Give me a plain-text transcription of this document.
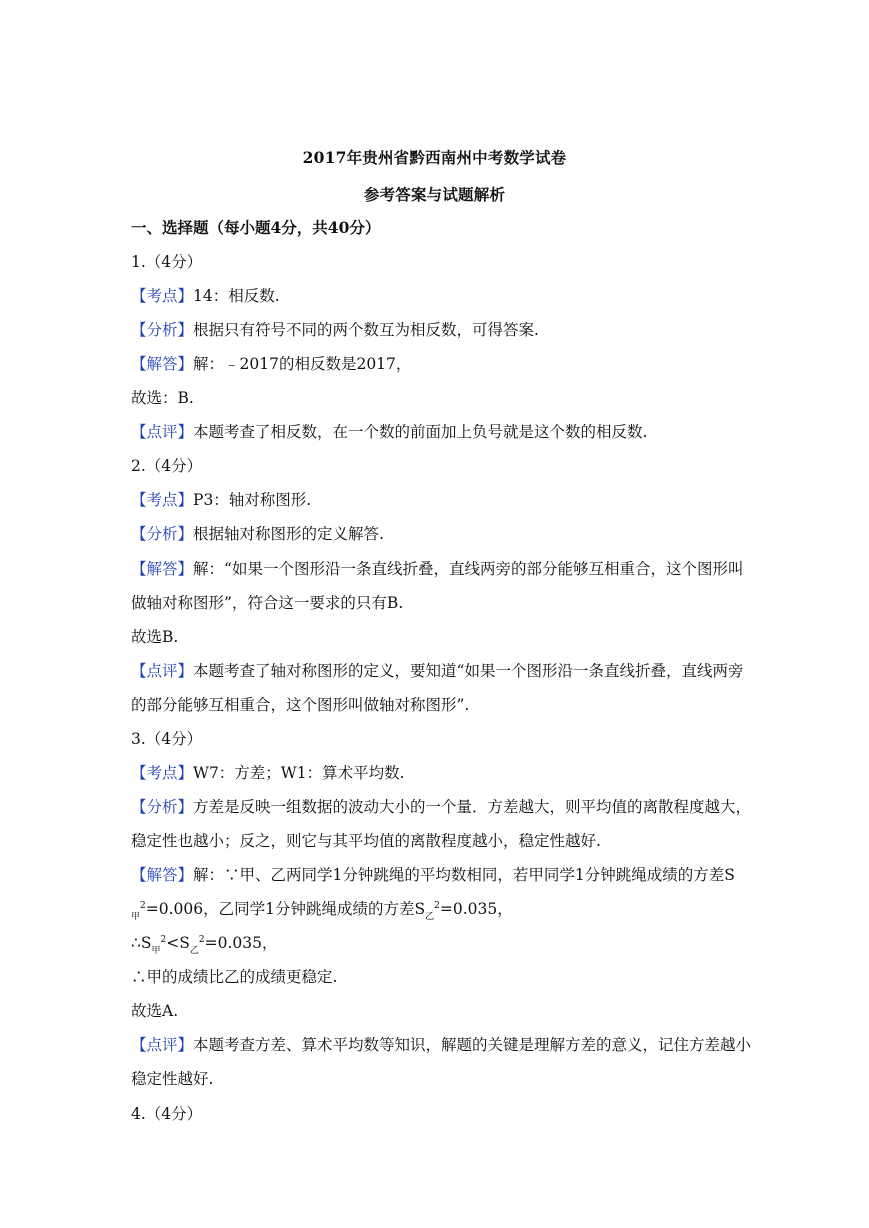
2017年贵州省黔西南州中考数学试卷
参考答案与试题解析
一、选择题（每小题4分，共40分）
1.（4分）
【考点】14：相反数.
【分析】根据只有符号不同的两个数互为相反数，可得答案.
【解答】解：﹣2017的相反数是2017，
故选：B.
【点评】本题考查了相反数，在一个数的前面加上负号就是这个数的相反数.
2.（4分）
【考点】P3：轴对称图形.
【分析】根据轴对称图形的定义解答.
【解答】解：“如果一个图形沿一条直线折叠，直线两旁的部分能够互相重合，这个图形叫
做轴对称图形”，符合这一要求的只有B.
故选B.
【点评】本题考查了轴对称图形的定义，要知道“如果一个图形沿一条直线折叠，直线两旁
的部分能够互相重合，这个图形叫做轴对称图形”.
3.（4分）
【考点】W7：方差；W1：算术平均数.
【分析】方差是反映一组数据的波动大小的一个量．方差越大，则平均值的离散程度越大，
稳定性也越小；反之，则它与其平均值的离散程度越小，稳定性越好.
【解答】解：∵甲、乙两同学1分钟跳绳的平均数相同，若甲同学1分钟跳绳成绩的方差S
$_甲^2$=0.006，乙同学1分钟跳绳成绩的方差$S_乙^2=0.035$，
$\therefore S_甲^2<S_乙^2=0.035$，
∴甲的成绩比乙的成绩更稳定.
故选A.
【点评】本题考查方差、算术平均数等知识，解题的关键是理解方差的意义，记住方差越小
稳定性越好.
4.（4分）
